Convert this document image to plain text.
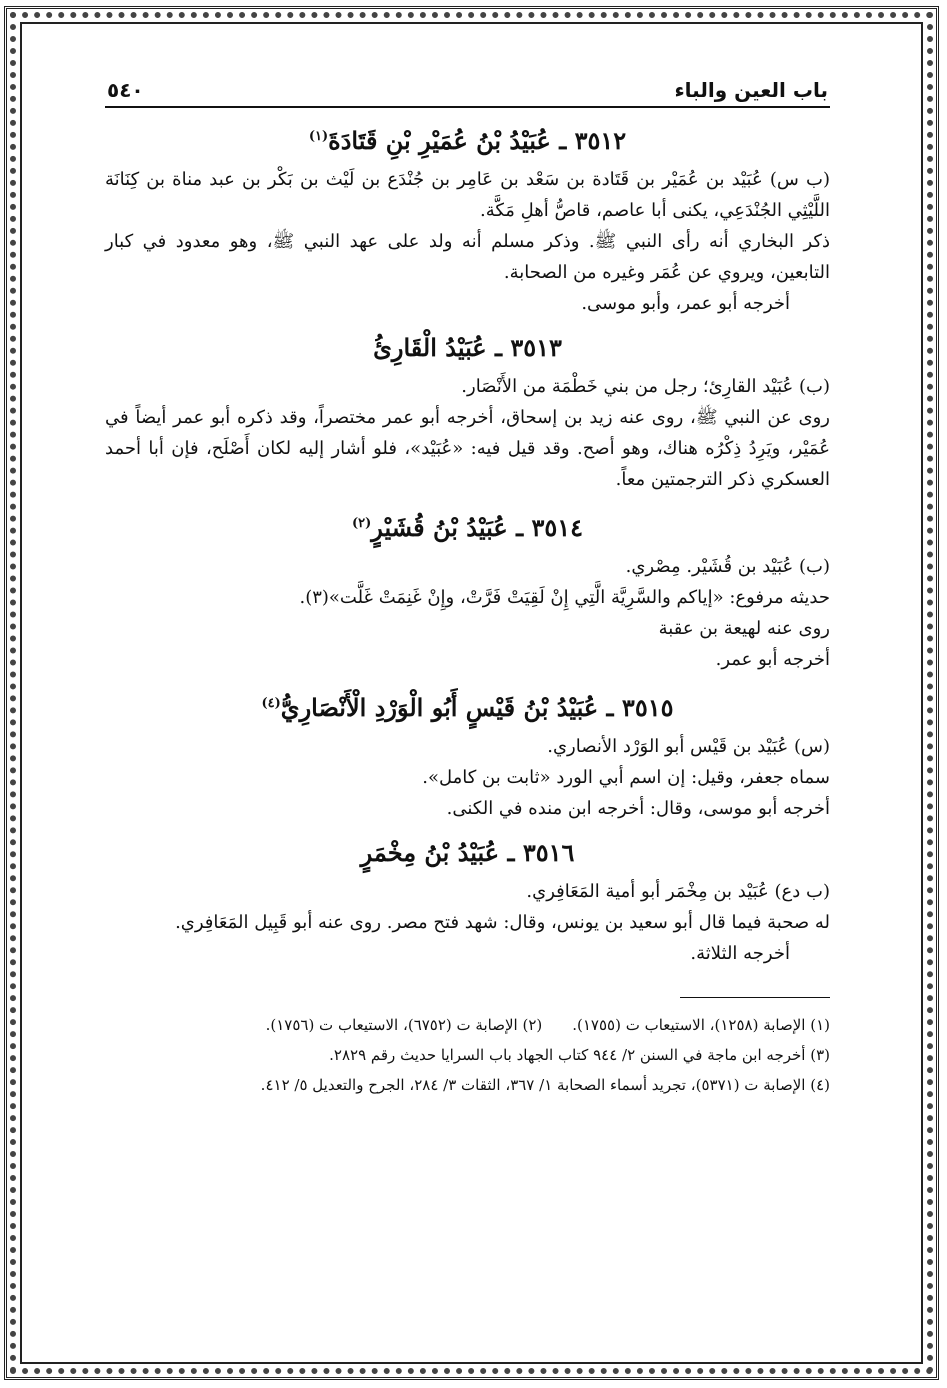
باب العين والباء
٥٤٠
٣٥١٢ ـ عُبَيْدُ بْنُ عُمَيْرِ بْنِ قَتَادَةَ$^{(١)}$

(ب س) عُبَيْد بن عُمَيْر بن قَتَادة بن سَعْد بن عَامِر بن جُنْدَع بن لَيْث بن بَكْر بن عبد مناة بن كِنَانَة اللَّيْثِي الجُنْدَعِي، يكنى أبا عاصم، قاصُّ أهلِ مَكَّة.

ذكر البخاري أنه رأى النبي ﷺ. وذكر مسلم أنه ولد على عهد النبي ﷺ، وهو معدود في كبار التابعين، ويروي عن عُمَر وغيره من الصحابة.

أخرجه أبو عمر، وأبو موسى.

٣٥١٣ ـ عُبَيْدُ الْقَارِئُ

(ب) عُبَيْد القارِئ؛ رجل من بني خَطْمَة من الأَنْصَار.

روى عن النبي ﷺ، روى عنه زيد بن إسحاق، أخرجه أبو عمر مختصراً، وقد ذكره أبو عمر أيضاً في عُمَيْر، ويَرِدُ ذِكْرُه هناك، وهو أصح. وقد قيل فيه: «عُبَيْد»، فلو أشار إليه لكان أَصْلَح، فإن أبا أحمد العسكري ذكر الترجمتين معاً.

٣٥١٤ ـ عُبَيْدُ بْنُ قُشَيْرٍ$^{(٢)}$

(ب) عُبَيْد بن قُشَيْر. مِصْري.

حديثه مرفوع: «إياكم والسَّرِيَّة الَّتِي إِنْ لَقِيَتْ فَرَّتْ، وإِنْ غَنِمَتْ غَلَّت»(٣).

روى عنه لهيعة بن عقبة

أخرجه أبو عمر.

٣٥١٥ ـ عُبَيْدُ بْنُ قَيْسٍ أَبُو الْوَرْدِ الْأَنْصَارِيُّ$^{(٤)}$

(س) عُبَيْد بن قَيْس أبو الوَرْد الأنصاري.

سماه جعفر، وقيل: إن اسم أبي الورد «ثابت بن كامل».

أخرجه أبو موسى، وقال: أخرجه ابن منده في الكنى.

٣٥١٦ ـ عُبَيْدُ بْنُ مِخْمَرٍ

(ب دع) عُبَيْد بن مِخْمَر أبو أمية المَعَافِري.

له صحبة فيما قال أبو سعيد بن يونس، وقال: شهد فتح مصر. روى عنه أبو قَبِيل المَعَافِري.

أخرجه الثلاثة.

(١) الإصابة (١٢٥٨)، الاستيعاب ت (١٧٥٥).
(٢) الإصابة ت (٦٧٥٢)، الاستيعاب ت (١٧٥٦).

(٣) أخرجه ابن ماجة في السنن ٢/ ٩٤٤ كتاب الجهاد باب السرايا حديث رقم ٢٨٢٩.

(٤) الإصابة ت (٥٣٧١)، تجريد أسماء الصحابة ١/ ٣٦٧، الثقات ٣/ ٢٨٤، الجرح والتعديل ٥/ ٤١٢.
